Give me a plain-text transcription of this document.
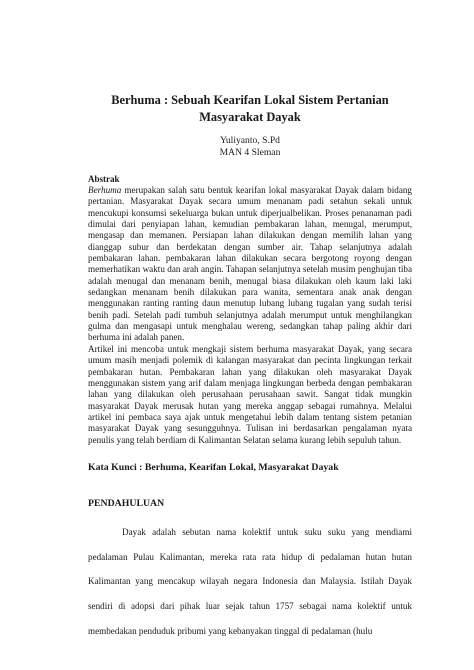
Berhuma : Sebuah Kearifan Lokal Sistem Pertanian Masyarakat Dayak
Yuliyanto, S.Pd
MAN 4 Sleman
Abstrak

Berhuma merupakan salah satu bentuk kearifan lokal masyarakat Dayak dalam bidang pertanian. Masyarakat Dayak secara umum menanam padi setahun sekali untuk mencukupi konsumsi sekeluarga bukan untuk diperjualbelikan. Proses penanaman padi dimulai dari penyiapan lahan, kemudian pembakaran lahan, menugal, merumput, mengasap dan memanen. Persiapan lahan dilakukan dengan memilih lahan yang dianggap subur dan berdekatan dengan sumber air. Tahap selanjutnya adalah pembakaran lahan. pembakaran lahan dilakukan secara bergotong royong dengan memerhatikan waktu dan arah angin. Tahapan selanjutnya setelah musim penghujan tiba adalah menugal dan menanam benih, menugal biasa dilakukan oleh kaum laki laki sedangkan menanam benih dilakukan para wanita, sementara anak anak dengan menggunakan ranting ranting daun menutup lubang lubang tugalan yang sudah terisi benih padi. Setelah padi tumbuh selanjutnya adalah merumput untuk menghilangkan gulma dan mengasapi untuk menghalau wereng, sedangkan tahap paling akhir dari berhuma ini adalah panen.

Artikel ini mencoba untuk mengkaji sistem berhuma masyarakat Dayak, yang secara umum masih menjadi polemik di kalangan masyarakat dan pecinta lingkungan terkait pembakaran hutan. Pembakaran lahan yang dilakukan oleh masyarakat Dayak menggunakan sistem yang arif dalam menjaga lingkungan berbeda dengan pembakaran lahan yang dilakukan oleh perusahaan perusahaan sawit. Sangat tidak mungkin masyarakat Dayak merusak hutan yang mereka anggap sebagai rumahnya. Melalui artikel ini pembaca saya ajak untuk mengetahui lebih dalam tentang sistem petanian masyarakat Dayak yang sesungguhnya. Tulisan ini berdasarkan pengalaman nyata penulis yang telah berdiam di Kalimantan Selatan selama kurang lebih sepuluh tahun.

Kata Kunci : Berhuma, Kearifan Lokal, Masyarakat Dayak
PENDAHULUAN

Dayak adalah sebutan nama kolektif untuk suku suku yang mendiami pedalaman Pulau Kalimantan, mereka rata rata hidup di pedalaman hutan hutan Kalimantan yang mencakup wilayah negara Indonesia dan Malaysia. Istilah Dayak sendiri di adopsi dari pihak luar sejak tahun 1757 sebagai nama kolektif untuk membedakan penduduk pribumi yang kebanyakan tinggal di pedalaman (hulu
